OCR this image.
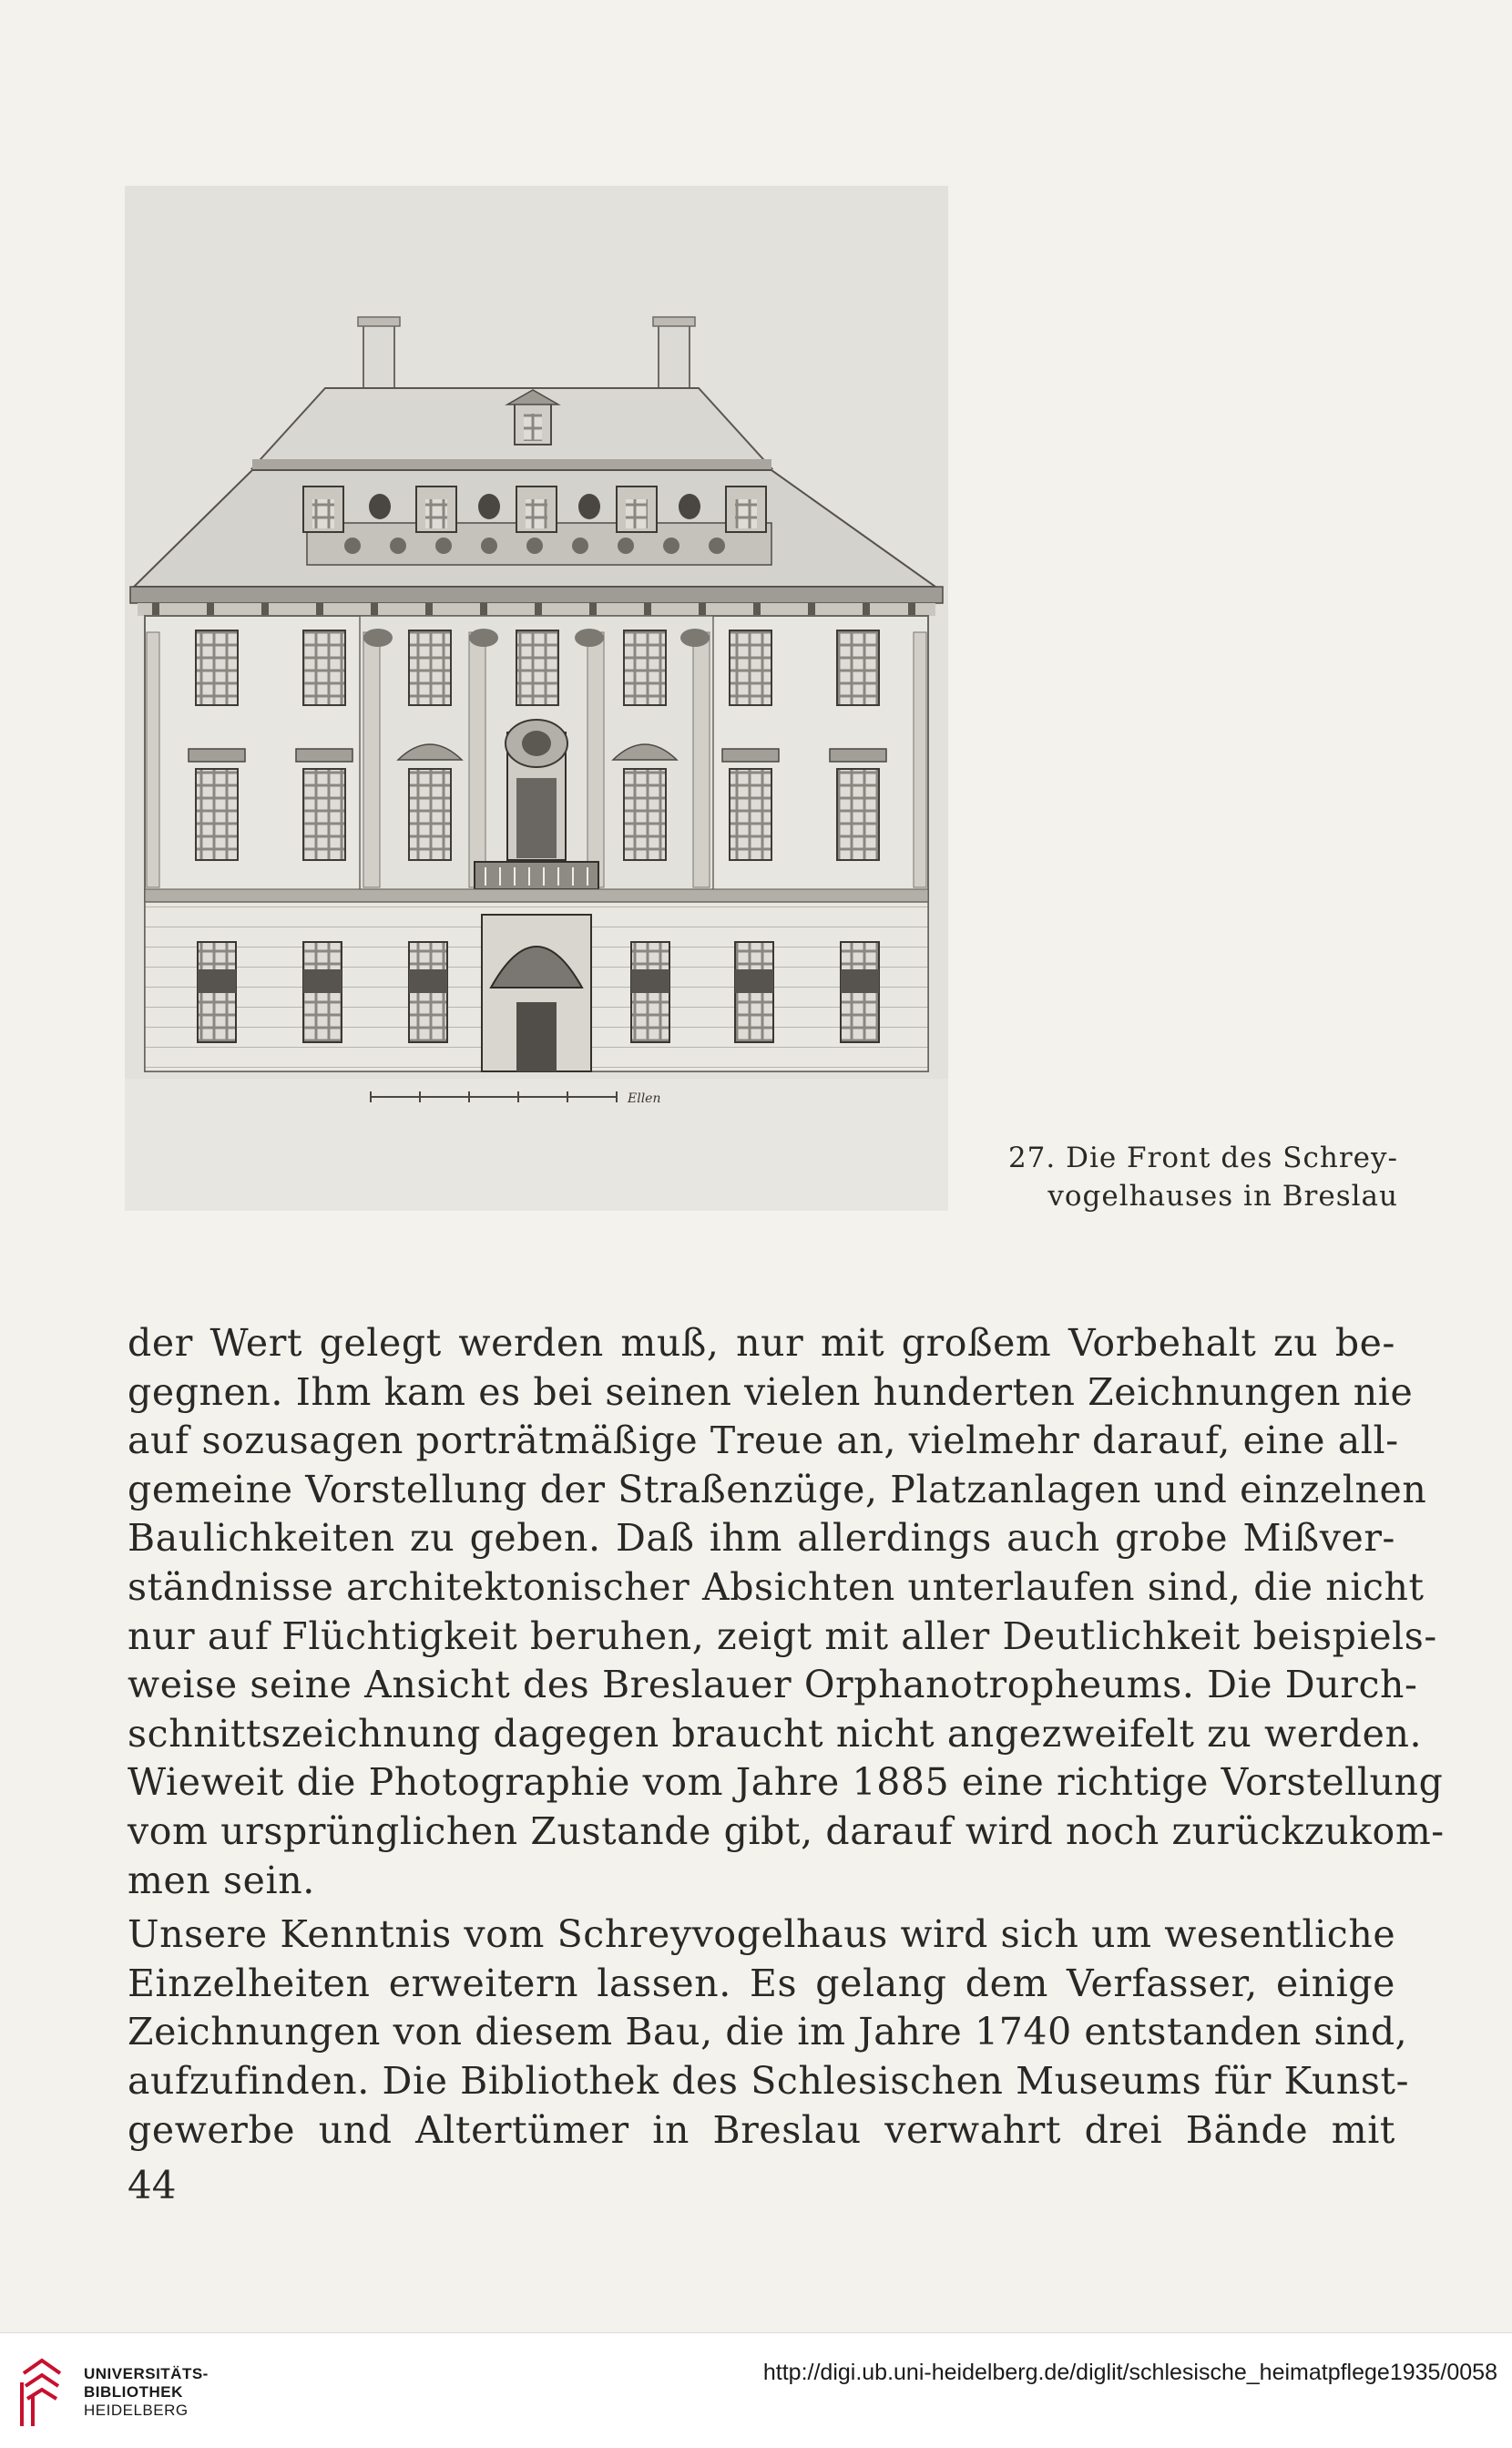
Ellen
27. Die Front des Schrey-
vogelhauses in Breslau
der Wert gelegt werden muß, nur mit großem Vorbehalt zu be-
gegnen. Ihm kam es bei seinen vielen hunderten Zeichnungen nie
auf sozusagen porträtmäßige Treue an, vielmehr darauf, eine all-
gemeine Vorstellung der Straßenzüge, Platzanlagen und einzelnen
Baulichkeiten zu geben. Daß ihm allerdings auch grobe Mißver-
ständnisse architektonischer Absichten unterlaufen sind, die nicht
nur auf Flüchtigkeit beruhen, zeigt mit aller Deutlichkeit beispiels-
weise seine Ansicht des Breslauer Orphanotropheums. Die Durch-
schnittszeichnung dagegen braucht nicht angezweifelt zu werden.
Wieweit die Photographie vom Jahre 1885 eine richtige Vorstellung
vom ursprünglichen Zustande gibt, darauf wird noch zurückzukom-
men sein.
Unsere Kenntnis vom Schreyvogelhaus wird sich um wesentliche
Einzelheiten erweitern lassen. Es gelang dem Verfasser, einige
Zeichnungen von diesem Bau, die im Jahre 1740 entstanden sind,
aufzufinden. Die Bibliothek des Schlesischen Museums für Kunst-
gewerbe und Altertümer in Breslau verwahrt drei Bände mit
44
UNIVERSITÄTS-
BIBLIOTHEK
HEIDELBERG
http://digi.ub.uni-heidelberg.de/diglit/schlesische_heimatpflege1935/0058
